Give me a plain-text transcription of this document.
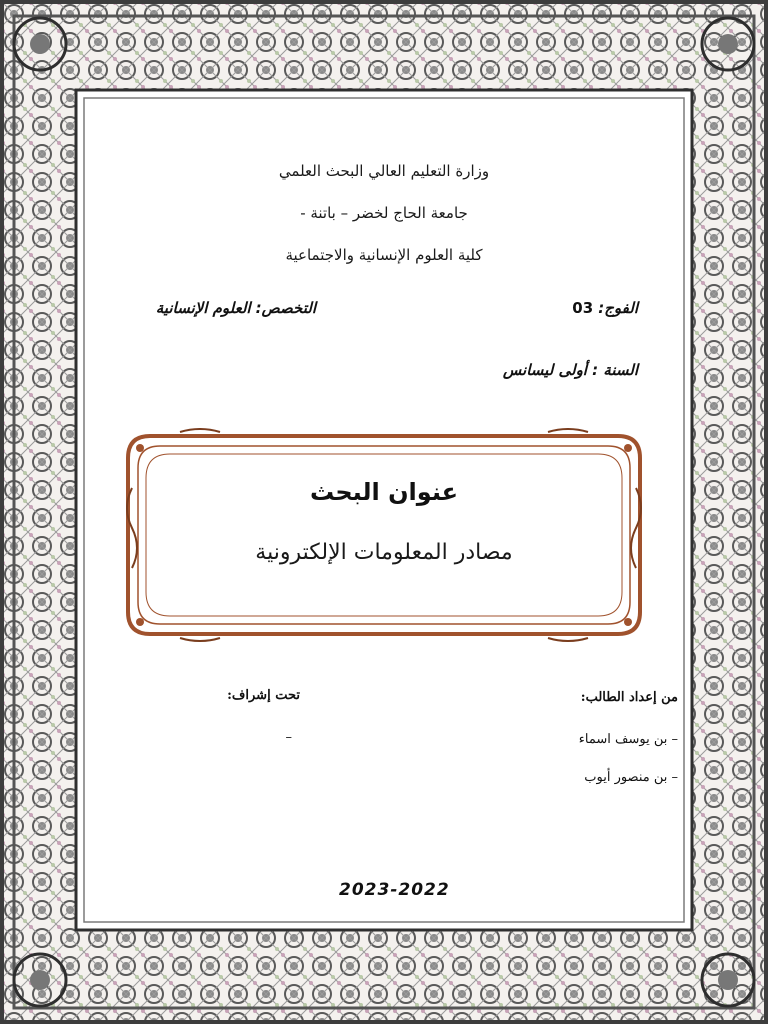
وزارة التعليم العالي البحث العلمي
جامعة الحاج لخضر – باتنة -
كلية العلوم الإنسانية والاجتماعية
الفوج: 03
التخصص: العلوم الإنسانية
السنة : أولى ليسانس
عنوان البحث
مصادر المعلومات الإلكترونية
من إعداد الطالب:
– بن يوسف اسماء
– بن منصور أيوب
تحت إشراف:
–
2023-2022
